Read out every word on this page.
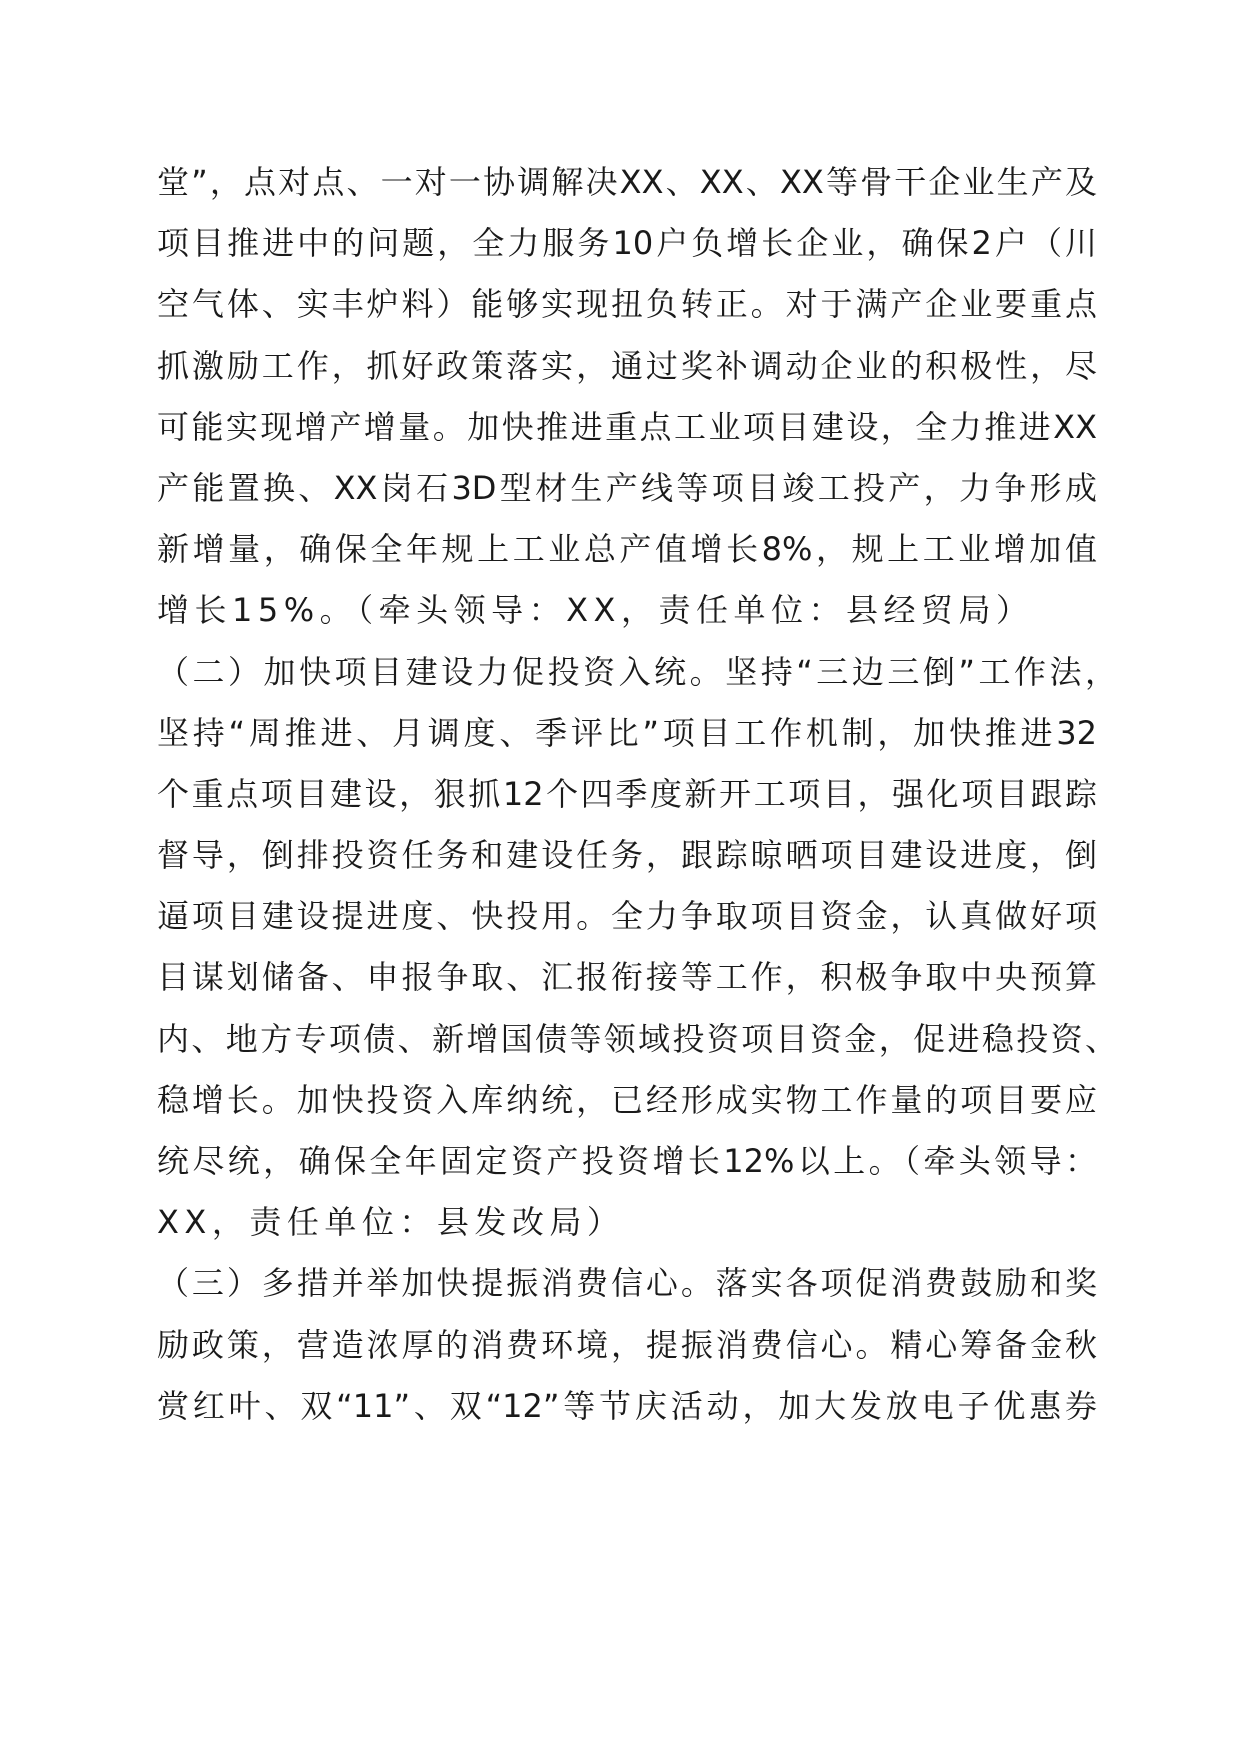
堂”，点对点、一对一协调解决XX、XX、XX等骨干企业生产及
项目推进中的问题，全力服务10户负增长企业，确保2户（川
空气体、实丰炉料）能够实现扭负转正。对于满产企业要重点
抓激励工作，抓好政策落实，通过奖补调动企业的积极性，尽
可能实现增产增量。加快推进重点工业项目建设，全力推进XX
产能置换、XX岗石3D型材生产线等项目竣工投产，力争形成
新增量，确保全年规上工业总产值增长8%，规上工业增加值
增长15%。（牵头领导：XX，责任单位：县经贸局）
（二）加快项目建设力促投资入统。坚持“三边三倒”工作法，
坚持“周推进、月调度、季评比”项目工作机制，加快推进32
个重点项目建设，狠抓12个四季度新开工项目，强化项目跟踪
督导，倒排投资任务和建设任务，跟踪晾晒项目建设进度，倒
逼项目建设提进度、快投用。全力争取项目资金，认真做好项
目谋划储备、申报争取、汇报衔接等工作，积极争取中央预算
内、地方专项债、新增国债等领域投资项目资金，促进稳投资、
稳增长。加快投资入库纳统，已经形成实物工作量的项目要应
统尽统，确保全年固定资产投资增长12%以上。（牵头领导：
XX，责任单位：县发改局）
（三）多措并举加快提振消费信心。落实各项促消费鼓励和奖
励政策，营造浓厚的消费环境，提振消费信心。精心筹备金秋
赏红叶、双“11”、双“12”等节庆活动，加大发放电子优惠券
